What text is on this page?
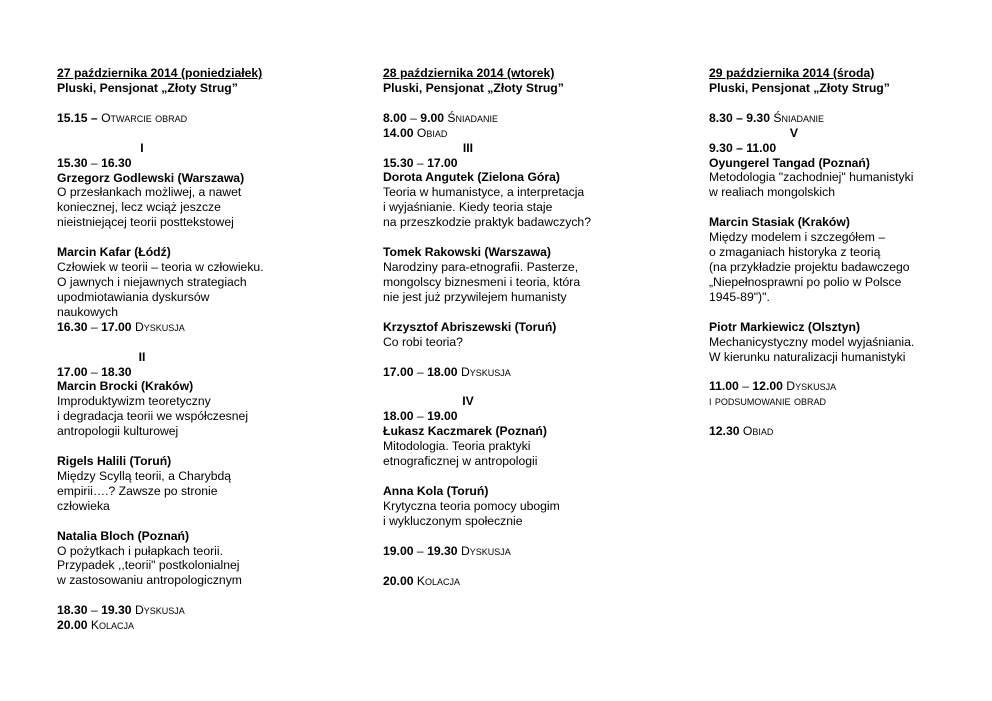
27 października 2014 (poniedziałek)
Pluski, Pensjonat „Złoty Strug”
15.15 – Otwarcie obrad
I
15.30 – 16.30
Grzegorz Godlewski (Warszawa)
O przesłankach możliwej, a nawet
koniecznej, lecz wciąż jeszcze
nieistniejącej teorii posttekstowej
Marcin Kafar (Łódź)
Człowiek w teorii – teoria w człowieku.
O jawnych i niejawnych strategiach
upodmiotawiania dyskursów
naukowych
16.30 – 17.00 Dyskusja
II
17.00 – 18.30
Marcin Brocki (Kraków)
Improduktywizm teoretyczny
i degradacja teorii we współczesnej
antropologii kulturowej
Rigels Halili (Toruń)
Między Scyllą teorii, a Charybdą
empirii….? Zawsze po stronie
człowieka
Natalia Bloch (Poznań)
O pożytkach i pułapkach teorii.
Przypadek ,,teorii" postkolonialnej
w zastosowaniu antropologicznym
18.30 – 19.30 Dyskusja
20.00 Kolacja
28 października 2014 (wtorek)
Pluski, Pensjonat „Złoty Strug”
8.00 – 9.00 Śniadanie
14.00 Obiad
III
15.30 – 17.00
Dorota Angutek (Zielona Góra)
Teoria w humanistyce, a interpretacja
i wyjaśnianie. Kiedy teoria staje
na przeszkodzie praktyk badawczych?
Tomek Rakowski (Warszawa)
Narodziny para-etnografii. Pasterze,
mongolscy biznesmeni i teoria, która
nie jest już przywilejem humanisty
Krzysztof Abriszewski (Toruń)
Co robi teoria?
17.00 – 18.00 Dyskusja
IV
18.00 – 19.00
Łukasz Kaczmarek (Poznań)
Mitodologia. Teoria praktyki
etnograficznej w antropologii
Anna Kola (Toruń)
Krytyczna teoria pomocy ubogim
i wykluczonym społecznie
19.00 – 19.30 Dyskusja
20.00 Kolacja
29 października 2014 (środa)
Pluski, Pensjonat „Złoty Strug”
8.30 – 9.30 Śniadanie
V
9.30 – 11.00
Oyungerel Tangad (Poznań)
Metodologia "zachodniej" humanistyki
w realiach mongolskich
Marcin Stasiak (Kraków)
Między modelem i szczegółem –
o zmaganiach historyka z teorią
(na przykładzie projektu badawczego
„Niepełnosprawni po polio w Polsce
1945-89")".
Piotr Markiewicz (Olsztyn)
Mechanicystyczny model wyjaśniania.
W kierunku naturalizacji humanistyki
11.00 – 12.00 Dyskusja
i podsumowanie obrad
12.30 Obiad
